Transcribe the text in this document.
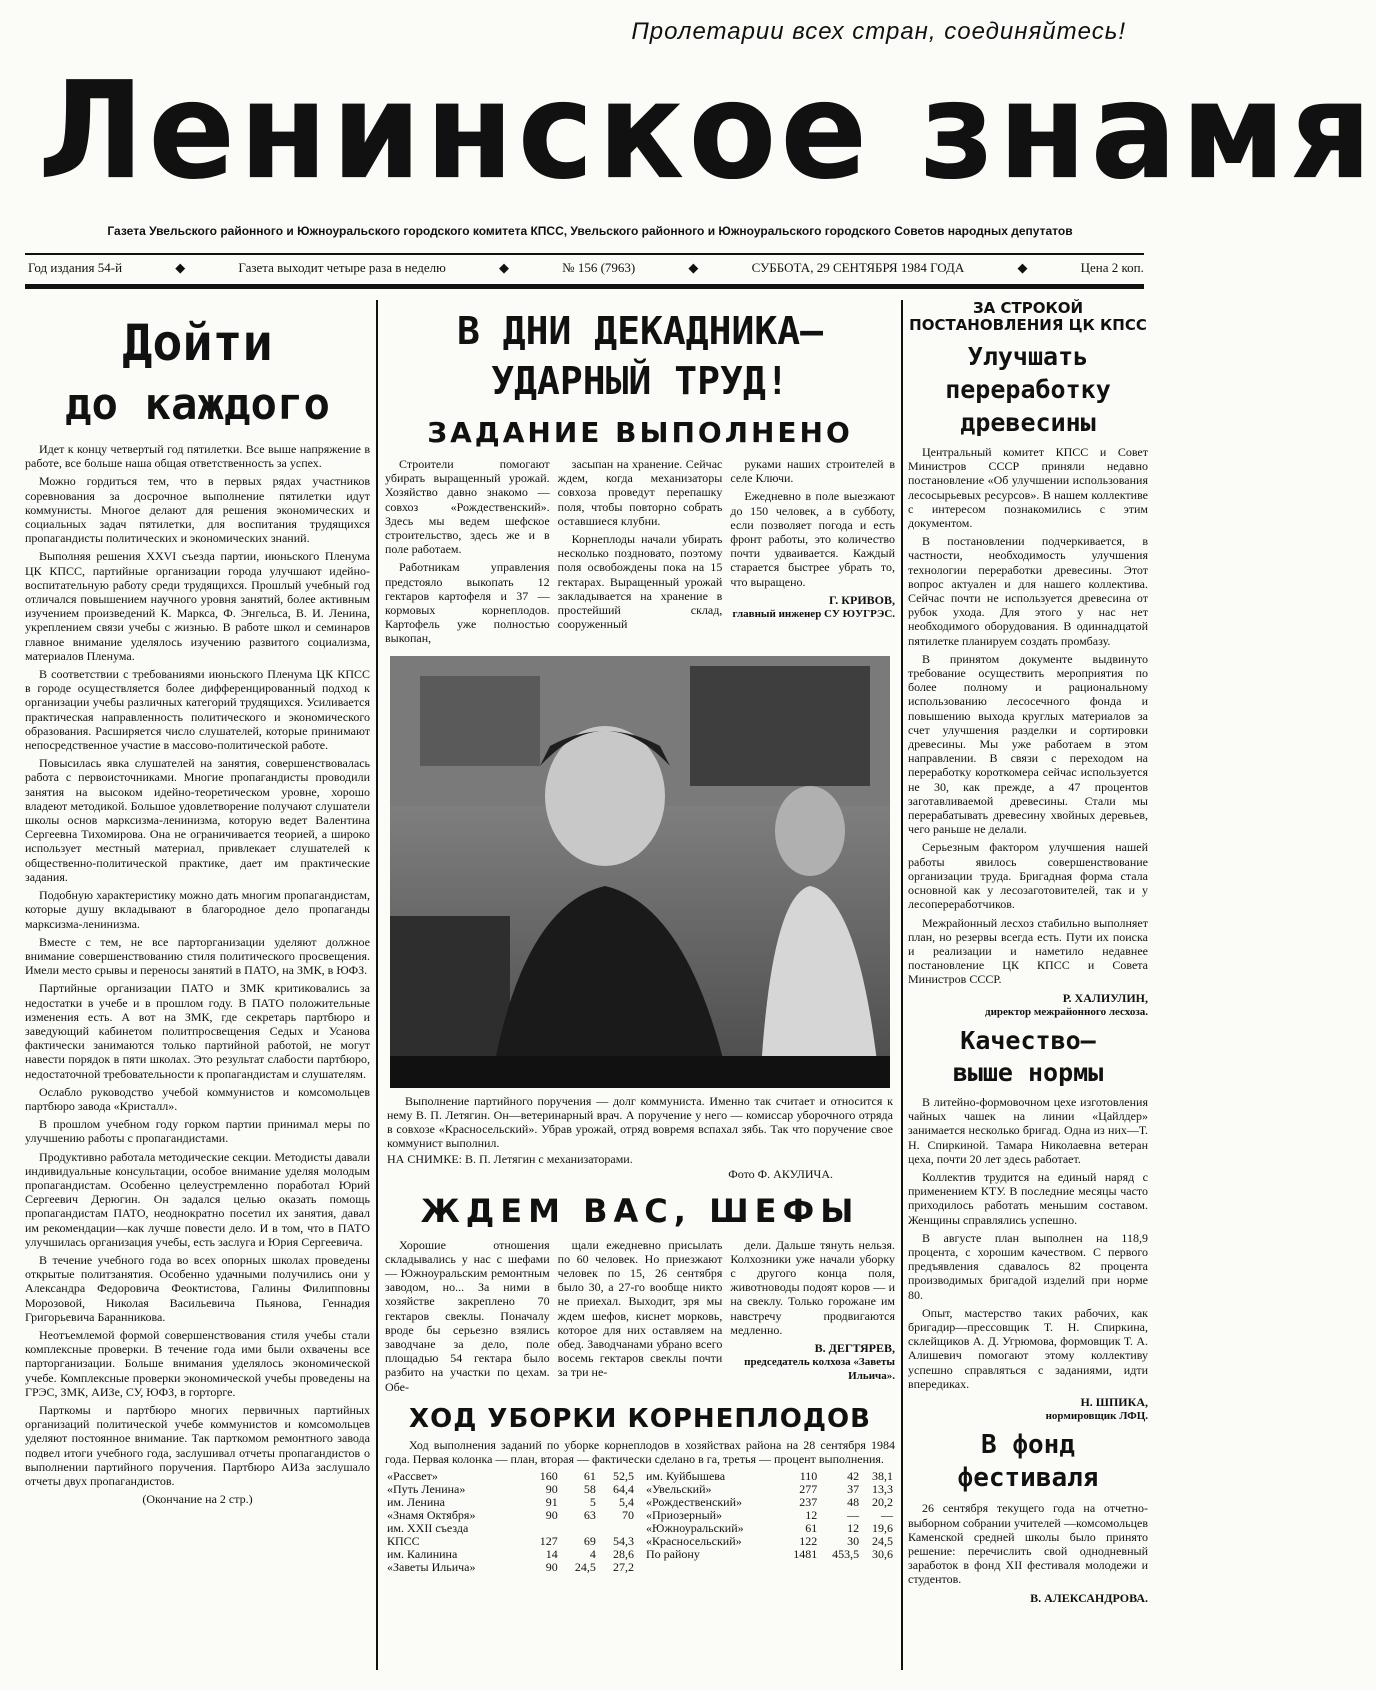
Пролетарии всех стран, соединяйтесь!
Ленинское знамя
Газета Увельского районного и Южноуральского городского комитета КПСС, Увельского районного и Южноуральского городского Советов народных депутатов
Год издания 54-й	◆	Газета выходит четыре раза в неделю	◆	№ 156 (7963)	◆	СУББОТА, 29 СЕНТЯБРЯ 1984 ГОДА	◆	Цена 2 коп.
Дойти
до каждого

Идет к концу четвертый год пятилетки. Все выше напряжение в работе, все больше наша общая ответственность за успех.

Можно гордиться тем, что в первых рядах участников соревнования за досрочное выполнение пятилетки идут коммунисты. Многое делают для решения экономических и социальных задач пятилетки, для воспитания трудящихся пропагандисты политических и экономических знаний.

Выполняя решения XXVI съезда партии, июньского Пленума ЦК КПСС, партийные организации города улучшают идейно-воспитательную работу среди трудящихся. Прошлый учебный год отличался повышением научного уровня занятий, более активным изучением произведений К. Маркса, Ф. Энгельса, В. И. Ленина, укреплением связи учебы с жизнью. В работе школ и семинаров главное внимание уделялось изучению развитого социализма, материалов Пленума.

В соответствии с требованиями июньского Пленума ЦК КПСС в городе осуществляется более дифференцированный подход к организации учебы различных категорий трудящихся. Усиливается практическая направленность политического и экономического образования. Расширяется число слушателей, которые принимают непосредственное участие в массово-политической работе.

Повысилась явка слушателей на занятия, совершенствовалась работа с первоисточниками. Многие пропагандисты проводили занятия на высоком идейно-теоретическом уровне, хорошо владеют методикой. Большое удовлетворение получают слушатели школы основ марксизма-ленинизма, которую ведет Валентина Сергеевна Тихомирова. Она не ограничивается теорией, а широко использует местный материал, привлекает слушателей к общественно-политической практике, дает им практические задания.

Подобную характеристику можно дать многим пропагандистам, которые душу вкладывают в благородное дело пропаганды марксизма-ленинизма.

Вместе с тем, не все парторганизации уделяют должное внимание совершенствованию стиля политического просвещения. Имели место срывы и переносы занятий в ПАТО, на ЗМК, в ЮФЗ.

Партийные организации ПАТО и ЗМК критиковались за недостатки в учебе и в прошлом году. В ПАТО положительные изменения есть. А вот на ЗМК, где секретарь партбюро и заведующий кабинетом политпросвещения Седых и Усанова фактически занимаются только партийной работой, не могут навести порядок в пяти школах. Это результат слабости партбюро, недостаточной требовательности к пропагандистам и слушателям.

Ослабло руководство учебой коммунистов и комсомольцев партбюро завода «Кристалл».

В прошлом учебном году горком партии принимал меры по улучшению работы с пропагандистами.

Продуктивно работала методические секции. Методисты давали индивидуальные консультации, особое внимание уделяя молодым пропагандистам. Особенно целеустремленно поработал Юрий Сергеевич Дерюгин. Он задался целью оказать помощь пропагандистам ПАТО, неоднократно посетил их занятия, давал им рекомендации—как лучше повести дело. И в том, что в ПАТО улучшилась организация учебы, есть заслуга и Юрия Сергеевича.

В течение учебного года во всех опорных школах проведены открытые политзанятия. Особенно удачными получились они у Александра Федоровича Феоктистова, Галины Филипповны Морозовой, Николая Васильевича Пьянова, Геннадия Григорьевича Баранникова.

Неотъемлемой формой совершенствования стиля учебы стали комплексные проверки. В течение года ими были охвачены все парторганизации. Больше внимания уделялось экономической учебе. Комплексные проверки экономической учебы проведены на ГРЭС, ЗМК, АИЗе, СУ, ЮФЗ, в горторге.

Парткомы и партбюро многих первичных партийных организаций политической учебе коммунистов и комсомольцев уделяют постоянное внимание. Так парткомом ремонтного завода подвел итоги учебного года, заслушивал отчеты пропагандистов о выполнении партийного поручения. Партбюро АИЗа заслушало отчеты двух пропагандистов.

(Окончание на 2 стр.)

В ДНИ ДЕКАДНИКА—
УДАРНЫЙ ТРУД!
ЗАДАНИЕ ВЫПОЛНЕНО

Строители помогают убирать выращенный урожай. Хозяйство давно знакомо — совхоз «Рождественский». Здесь мы ведем шефское строительство, здесь же и в поле работаем.

Работникам управления предстояло выкопать 12 гектаров картофеля и 37 — кормовых корнеплодов. Картофель уже полностью выкопан,

засыпан на хранение. Сейчас ждем, когда механизаторы совхоза проведут перепашку поля, чтобы повторно собрать оставшиеся клубни.

Корнеплоды начали убирать несколько поздновато, поэтому поля освобождены пока на 15 гектарах. Выращенный урожай закладывается на хранение в простейший склад, сооруженный

руками наших строителей в селе Ключи.

Ежедневно в поле выезжают до 150 человек, а в субботу, если позволяет погода и есть фронт работы, это количество почти удваивается. Каждый старается быстрее убрать то, что выращено.

Г. КРИВОВ,

главный инженер СУ ЮУГРЭС.

Выполнение партийного поручения — долг коммуниста. Именно так считает и относится к нему В. П. Летягин. Он—ветеринарный врач. А поручение у него — комиссар уборочного отряда в совхозе «Красносельский». Убрав урожай, отряд вовремя вспахал зябь. Так что поручение свое коммунист выполнил.

НА СНИМКЕ: В. П. Летягин с механизаторами.
Фото Ф. АКУЛИЧА.
ЖДЕМ ВАС, ШЕФЫ

Хорошие отношения складывались у нас с шефами — Южноуральским ремонтным заводом, но... За ними в хозяйстве закреплено 70 гектаров свеклы. Поначалу вроде бы серьезно взялись заводчане за дело, поле площадью 54 гектара было разбито на участки по цехам. Обе-

щали ежедневно присылать по 60 человек. Но приезжают человек по 15, 26 сентября было 30, а 27-го вообще никто не приехал. Выходит, зря мы ждем шефов, киснет морковь, которое для них оставляем на обед. Заводчанами убрано всего восемь гектаров свеклы почти за три не-

дели. Дальше тянуть нельзя. Колхозники уже начали уборку с другого конца поля, животноводы подоят коров — и на свеклу. Только горожане им навстречу продвигаются медленно.

В. ДЕГТЯРЕВ,

председатель колхоза «Заветы Ильича».

ХОД УБОРКИ КОРНЕПЛОДОВ

Ход выполнения заданий по уборке корнеплодов в хозяйствах района на 28 сентября 1984 года. Первая колонка — план, вторая — фактически сделано в га, третья — процент выполнения.

«Рассвет»	160	61	52,5
«Путь Ленина»	90	58	64,4
им. Ленина	91	5	5,4
«Знамя Октября»	90	63	70
им. XXII съезда			
КПСС	127	69	54,3
им. Калинина	14	4	28,6
«Заветы Ильича»	90	24,5	27,2
им. Куйбышева	110	42	38,1
«Увельский»	277	37	13,3
«Рождественский»	237	48	20,2
«Приозерный»	12	—	—
«Южноуральский»	61	12	19,6
«Красносельский»	122	30	24,5
По району	1481	453,5	30,6
ЗА СТРОКОЙ ПОСТАНОВЛЕНИЯ ЦК КПСС
Улучшать
переработку
древесины

Центральный комитет КПСС и Совет Министров СССР приняли недавно постановление «Об улучшении использования лесосырьевых ресурсов». В нашем коллективе с интересом познакомились с этим документом.

В постановлении подчеркивается, в частности, необходимость улучшения технологии переработки древесины. Этот вопрос актуален и для нашего коллектива. Сейчас почти не используется древесина от рубок ухода. Для этого у нас нет необходимого оборудования. В одиннадцатой пятилетке планируем создать промбазу.

В принятом документе выдвинуто требование осуществить мероприятия по более полному и рациональному использованию лесосечного фонда и повышению выхода круглых материалов за счет улучшения разделки и сортировки древесины. Мы уже работаем в этом направлении. В связи с переходом на переработку короткомера сейчас используется не 30, как прежде, а 47 процентов заготавливаемой древесины. Стали мы перерабатывать древесину хвойных деревьев, чего раньше не делали.

Серьезным фактором улучшения нашей работы явилось совершенствование организации труда. Бригадная форма стала основной как у лесозаготовителей, так и у лесопереработчиков.

Межрайонный лесхоз стабильно выполняет план, но резервы всегда есть. Пути их поиска и реализации и наметило недавнее постановление ЦК КПСС и Совета Министров СССР.

Р. ХАЛИУЛИН,

директор межрайонного лесхоза.

Качество—
выше нормы

В литейно-формовочном цехе изготовления чайных чашек на линии «Цайлдер» занимается несколько бригад. Одна из них—Т. Н. Спиркиной. Тамара Николаевна ветеран цеха, почти 20 лет здесь работает.

Коллектив трудится на единый наряд с применением КТУ. В последние месяцы часто приходилось работать меньшим составом. Женщины справлялись успешно.

В августе план выполнен на 118,9 процента, с хорошим качеством. С первого предъявления сдавалось 82 процента производимых бригадой изделий при норме 80.

Опыт, мастерство таких рабочих, как бригадир—прессовщик Т. Н. Спиркина, склейщиков А. Д. Угрюмова, формовщик Т. А. Алишевич помогают этому коллективу успешно справляться с заданиями, идти впередиках.

Н. ШПИКА,

нормировщик ЛФЦ.

В фонд
фестиваля

26 сентября текущего года на отчетно-выборном собрании учителей —комсомольцев Каменской средней школы было принято решение: перечислить свой однодневный заработок в фонд XII фестиваля молодежи и студентов.

В. АЛЕКСАНДРОВА.
